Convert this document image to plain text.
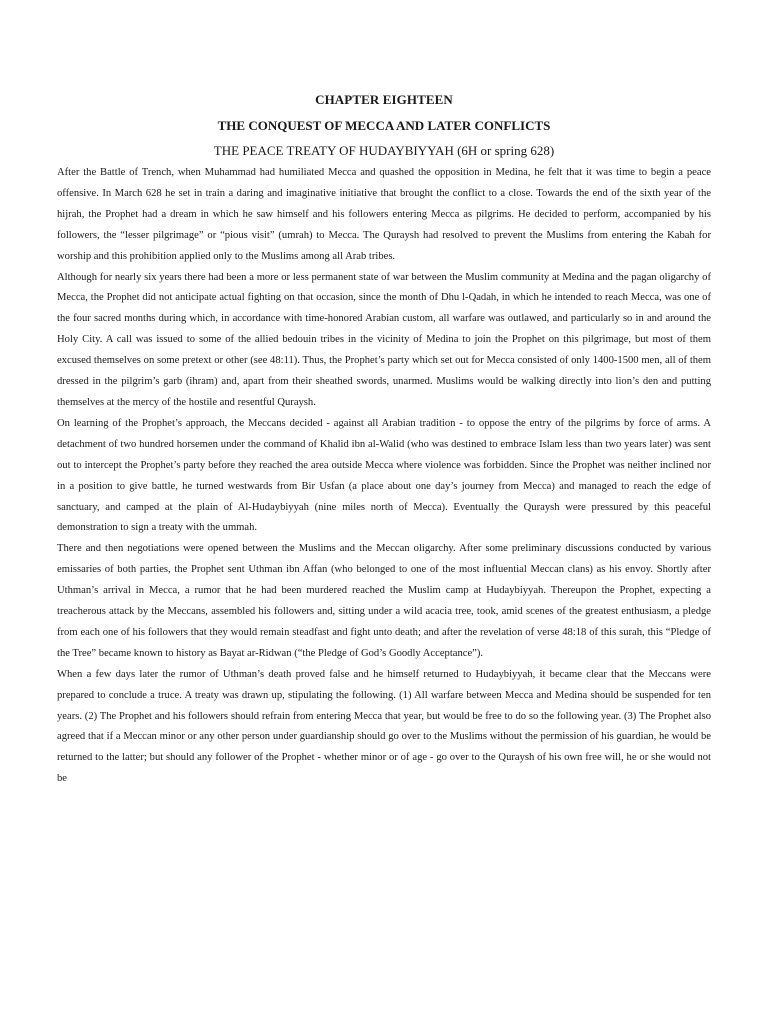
CHAPTER EIGHTEEN
THE CONQUEST OF MECCA AND LATER CONFLICTS
THE PEACE TREATY OF HUDAYBIYYAH (6H or spring 628)

After the Battle of Trench, when Muhammad had humiliated Mecca and quashed the opposition in Medina, he felt that it was time to begin a peace offensive. In March 628 he set in train a daring and imaginative initiative that brought the conflict to a close. Towards the end of the sixth year of the hijrah, the Prophet had a dream in which he saw himself and his followers entering Mecca as pilgrims. He decided to perform, accompanied by his followers, the “lesser pilgrimage” or “pious visit” (umrah) to Mecca. The Quraysh had resolved to prevent the Muslims from entering the Kabah for worship and this prohibition applied only to the Muslims among all Arab tribes.

Although for nearly six years there had been a more or less permanent state of war between the Muslim community at Medina and the pagan oligarchy of Mecca, the Prophet did not anticipate actual fighting on that occasion, since the month of Dhu l-Qadah, in which he intended to reach Mecca, was one of the four sacred months during which, in accordance with time-honored Arabian custom, all warfare was outlawed, and particularly so in and around the Holy City. A call was issued to some of the allied bedouin tribes in the vicinity of Medina to join the Prophet on this pilgrimage, but most of them excused themselves on some pretext or other (see 48:11). Thus, the Prophet’s party which set out for Mecca consisted of only 1400-1500 men, all of them dressed in the pilgrim’s garb (ihram) and, apart from their sheathed swords, unarmed. Muslims would be walking directly into lion’s den and putting themselves at the mercy of the hostile and resentful Quraysh.

On learning of the Prophet’s approach, the Meccans decided - against all Arabian tradition - to oppose the entry of the pilgrims by force of arms. A detachment of two hundred horsemen under the command of Khalid ibn al-Walid (who was destined to embrace Islam less than two years later) was sent out to intercept the Prophet’s party before they reached the area outside Mecca where violence was forbidden. Since the Prophet was neither inclined nor in a position to give battle, he turned westwards from Bir Usfan (a place about one day’s journey from Mecca) and managed to reach the edge of sanctuary, and camped at the plain of Al-Hudaybiyyah (nine miles north of Mecca). Eventually the Quraysh were pressured by this peaceful demonstration to sign a treaty with the ummah.

There and then negotiations were opened between the Muslims and the Meccan oligarchy. After some preliminary discussions conducted by various emissaries of both parties, the Prophet sent Uthman ibn Affan (who belonged to one of the most influential Meccan clans) as his envoy. Shortly after Uthman’s arrival in Mecca, a rumor that he had been murdered reached the Muslim camp at Hudaybiyyah. Thereupon the Prophet, expecting a treacherous attack by the Meccans, assembled his followers and, sitting under a wild acacia tree, took, amid scenes of the greatest enthusiasm, a pledge from each one of his followers that they would remain steadfast and fight unto death; and after the revelation of verse 48:18 of this surah, this “Pledge of the Tree” became known to history as Bayat ar-Ridwan (“the Pledge of God’s Goodly Acceptance”).

When a few days later the rumor of Uthman’s death proved false and he himself returned to Hudaybiyyah, it became clear that the Meccans were prepared to conclude a truce. A treaty was drawn up, stipulating the following. (1) All warfare between Mecca and Medina should be suspended for ten years. (2) The Prophet and his followers should refrain from entering Mecca that year, but would be free to do so the following year. (3) The Prophet also agreed that if a Meccan minor or any other person under guardianship should go over to the Muslims without the permission of his guardian, he would be returned to the latter; but should any follower of the Prophet - whether minor or of age - go over to the Quraysh of his own free will, he or she would not be
